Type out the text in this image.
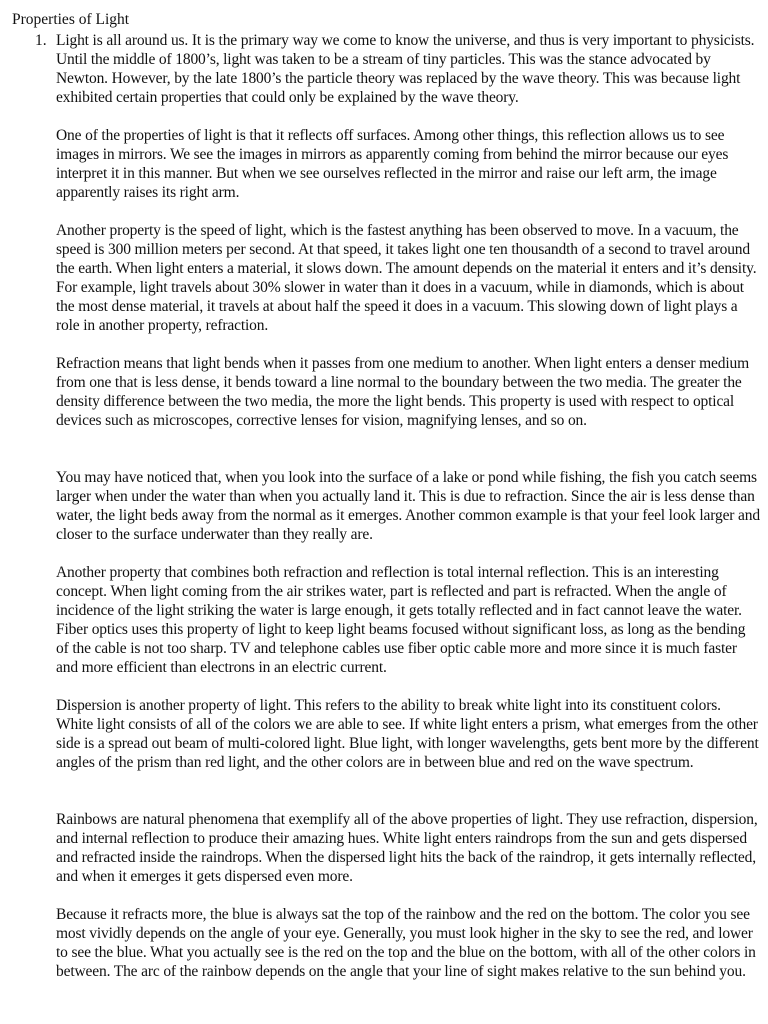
Properties of Light
1. Light is all around us. It is the primary way we come to know the universe, and thus is very important to physicists. Until the middle of 1800’s, light was taken to be a stream of tiny particles. This was the stance advocated by Newton. However, by the late 1800’s the particle theory was replaced by the wave theory. This was because light exhibited certain properties that could only be explained by the wave theory.

One of the properties of light is that it reflects off surfaces. Among other things, this reflection allows us to see images in mirrors. We see the images in mirrors as apparently coming from behind the mirror because our eyes interpret it in this manner. But when we see ourselves reflected in the mirror and raise our left arm, the image apparently raises its right arm.

Another property is the speed of light, which is the fastest anything has been observed to move. In a vacuum, the speed is 300 million meters per second. At that speed, it takes light one ten thousandth of a second to travel around the earth. When light enters a material, it slows down. The amount depends on the material it enters and it’s density. For example, light travels about 30% slower in water than it does in a vacuum, while in diamonds, which is about the most dense material, it travels at about half the speed it does in a vacuum. This slowing down of light plays a role in another property, refraction.

Refraction means that light bends when it passes from one medium to another. When light enters a denser medium from one that is less dense, it bends toward a line normal to the boundary between the two media. The greater the density difference between the two media, the more the light bends. This property is used with respect to optical devices such as microscopes, corrective lenses for vision, magnifying lenses, and so on.

You may have noticed that, when you look into the surface of a lake or pond while fishing, the fish you catch seems larger when under the water than when you actually land it. This is due to refraction. Since the air is less dense than water, the light beds away from the normal as it emerges. Another common example is that your feel look larger and closer to the surface underwater than they really are.

Another property that combines both refraction and reflection is total internal reflection. This is an interesting concept. When light coming from the air strikes water, part is reflected and part is refracted. When the angle of incidence of the light striking the water is large enough, it gets totally reflected and in fact cannot leave the water. Fiber optics uses this property of light to keep light beams focused without significant loss, as long as the bending of the cable is not too sharp. TV and telephone cables use fiber optic cable more and more since it is much faster and more efficient than electrons in an electric current.

Dispersion is another property of light. This refers to the ability to break white light into its constituent colors. White light consists of all of the colors we are able to see. If white light enters a prism, what emerges from the other side is a spread out beam of multi-colored light. Blue light, with longer wavelengths, gets bent more by the different angles of the prism than red light, and the other colors are in between blue and red on the wave spectrum.

Rainbows are natural phenomena that exemplify all of the above properties of light. They use refraction, dispersion, and internal reflection to produce their amazing hues. White light enters raindrops from the sun and gets dispersed and refracted inside the raindrops. When the dispersed light hits the back of the raindrop, it gets internally reflected, and when it emerges it gets dispersed even more.

Because it refracts more, the blue is always sat the top of the rainbow and the red on the bottom. The color you see most vividly depends on the angle of your eye. Generally, you must look higher in the sky to see the red, and lower to see the blue. What you actually see is the red on the top and the blue on the bottom, with all of the other colors in between. The arc of the rainbow depends on the angle that your line of sight makes relative to the sun behind you.
